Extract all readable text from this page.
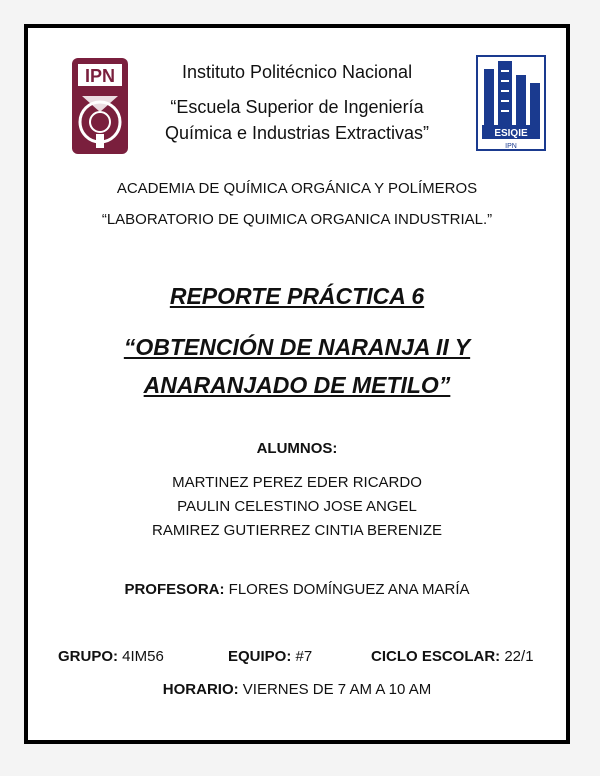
IPN
ESIQIE
IPN
Instituto Politécnico Nacional
“Escuela Superior de Ingeniería
Química e Industrias Extractivas”
ACADEMIA DE QUÍMICA ORGÁNICA Y POLÍMEROS
“LABORATORIO DE QUIMICA ORGANICA INDUSTRIAL.”
REPORTE PRÁCTICA 6
“OBTENCIÓN DE NARANJA II Y
ANARANJADO DE METILO”
ALUMNOS:
MARTINEZ PEREZ EDER RICARDO
PAULIN CELESTINO JOSE ANGEL
RAMIREZ GUTIERREZ CINTIA BERENIZE
PROFESORA: FLORES DOMÍNGUEZ ANA MARÍA
GRUPO: 4IM56	EQUIPO: #7	CICLO ESCOLAR: 22/1
HORARIO: VIERNES DE 7 AM A 10 AM
